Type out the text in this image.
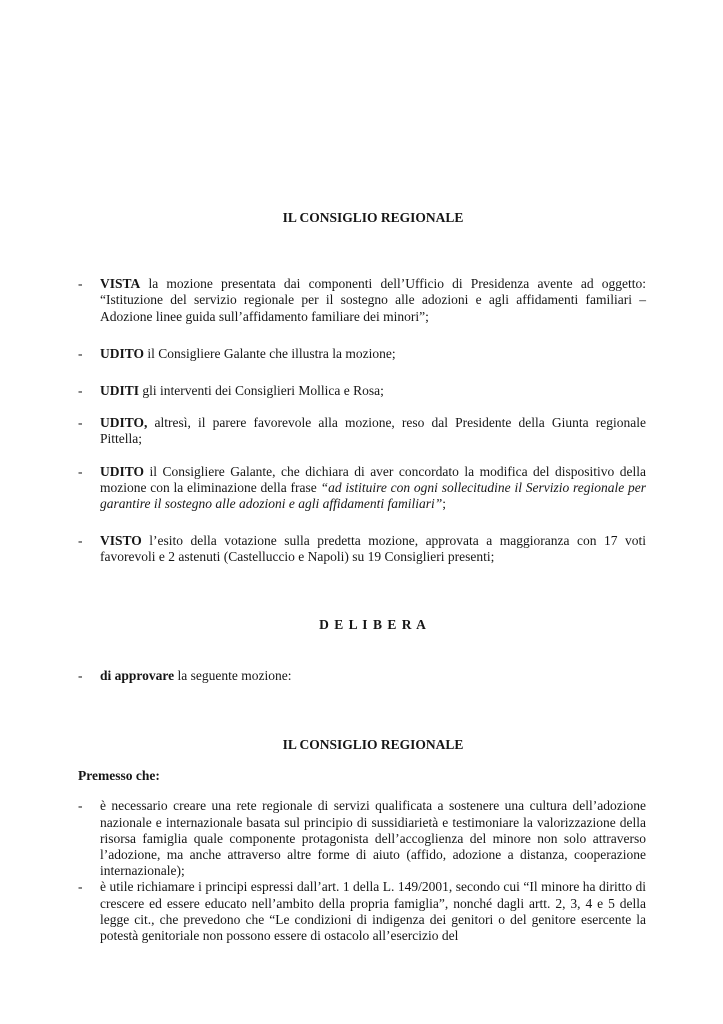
IL CONSIGLIO REGIONALE
-	VISTA la mozione presentata dai componenti dell’Ufficio di Presidenza avente ad oggetto: “Istituzione del servizio regionale per il sostegno alle adozioni e agli affidamenti familiari – Adozione linee guida sull’affidamento familiare dei minori”;

-	UDITO il Consigliere Galante che illustra la mozione;

-	UDITI gli interventi dei Consiglieri Mollica e Rosa;

-	UDITO, altresì, il parere favorevole alla mozione, reso dal Presidente della Giunta regionale Pittella;

-	UDITO il Consigliere Galante, che dichiara di aver concordato la modifica del dispositivo della mozione con la eliminazione della frase “ad istituire con ogni sollecitudine il Servizio regionale per garantire il sostegno alle adozioni e agli affidamenti familiari”;

-	VISTO l’esito della votazione sulla predetta mozione, approvata a maggioranza con 17 voti favorevoli e 2 astenuti (Castelluccio e Napoli) su 19 Consiglieri presenti;

D E L I B E R A
-	di approvare la seguente mozione:

IL CONSIGLIO REGIONALE
Premesso che:
-	è necessario creare una rete regionale di servizi qualificata a sostenere una cultura dell’adozione nazionale e internazionale basata sul principio di sussidiarietà e testimoniare la valorizzazione della risorsa famiglia quale componente protagonista dell’accoglienza del minore non solo attraverso l’adozione, ma anche attraverso altre forme di aiuto (affido, adozione a distanza, cooperazione internazionale);

-	è utile richiamare i principi espressi dall’art. 1 della L. 149/2001, secondo cui “Il minore ha diritto di crescere ed essere educato nell’ambito della propria famiglia”, nonché dagli artt. 2, 3, 4 e 5 della legge cit., che prevedono che “Le condizioni di indigenza dei genitori o del genitore esercente la potestà genitoriale non possono essere di ostacolo all’esercizio del
